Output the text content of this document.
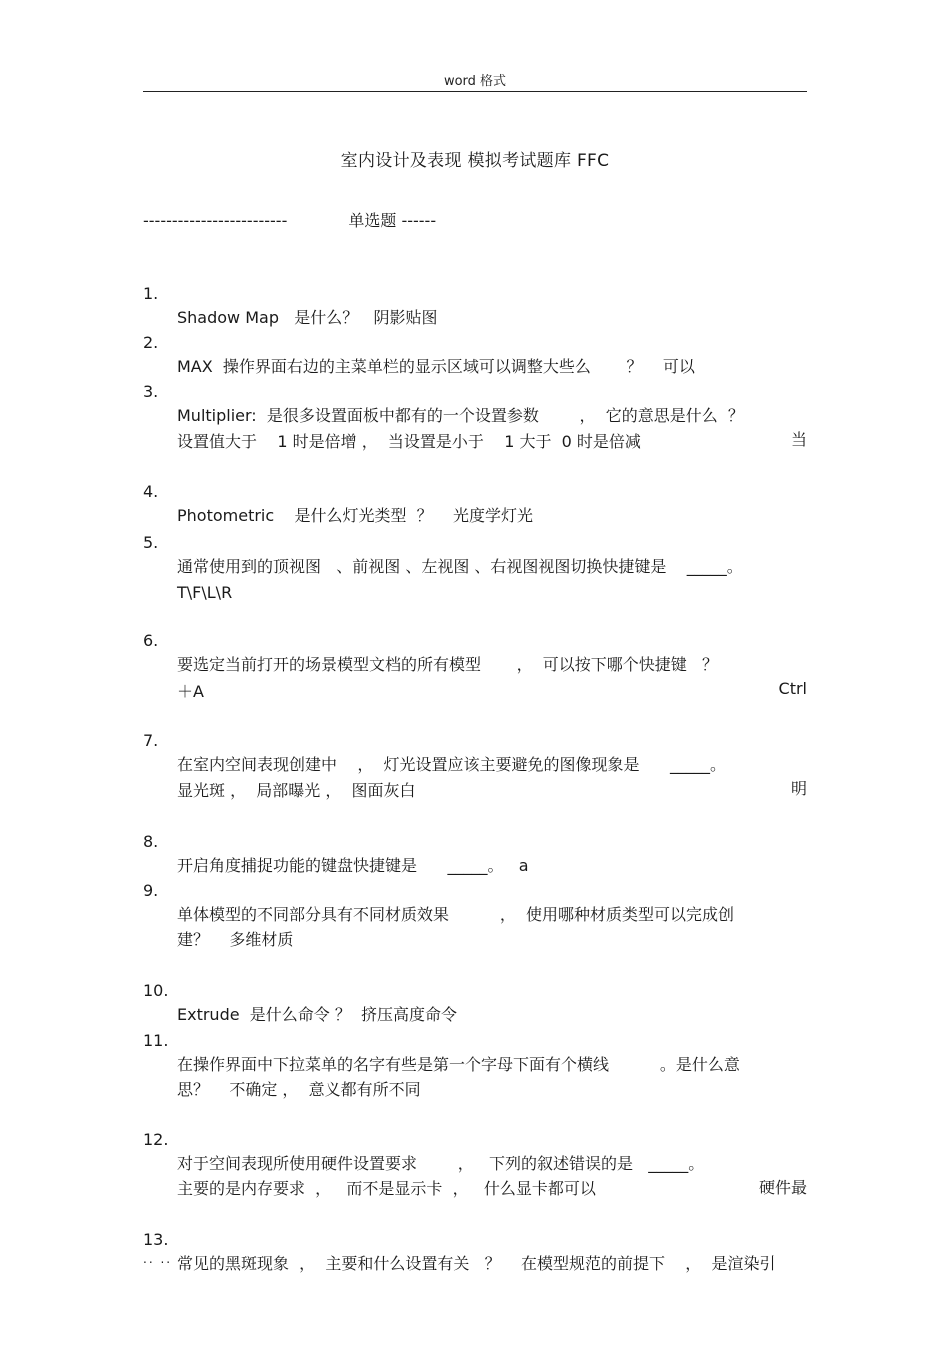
word 格式
室内设计及表现 模拟考试题库 FFC
-------------------------            单选题 ------

1.

Shadow Map   是什么？   阴影贴图

2.

MAX  操作界面右边的主菜单栏的显示区域可以调整大些么       ？    可以

3.

Multiplier:  是很多设置面板中都有的一个设置参数        ，  它的意思是什么  ？

当

设置值大于    1 时是倍增 ，  当设置是小于    1 大于  0 时是倍减

4.

Photometric    是什么灯光类型  ？    光度学灯光

5.

通常使用到的顶视图   、前视图 、左视图 、右视图视图切换快捷键是    _____。

T\F\L\R

6.

要选定当前打开的场景模型文档的所有模型       ，  可以按下哪个快捷键   ？

Ctrl

＋A

7.

在室内空间表现创建中    ，  灯光设置应该主要避免的图像现象是      _____。

明

显光斑 ，  局部曝光 ，  图面灰白

8.

开启角度捕捉功能的键盘快捷键是      _____。   a

9.

单体模型的不同部分具有不同材质效果          ，  使用哪种材质类型可以完成创

建？    多维材质

10.

Extrude  是什么命令 ？  挤压高度命令

11.

在操作界面中下拉菜单的名字有些是第一个字母下面有个横线          。是什么意

思？    不确定 ，  意义都有所不同

12.

对于空间表现所使用硬件设置要求        ，   下列的叙述错误的是   _____。

硬件最

主要的是内存要求  ，   而不是显示卡  ，   什么显卡都可以

13.

常见的黑斑现象  ，  主要和什么设置有关   ？    在模型规范的前提下    ，  是渲染引

.. ..
